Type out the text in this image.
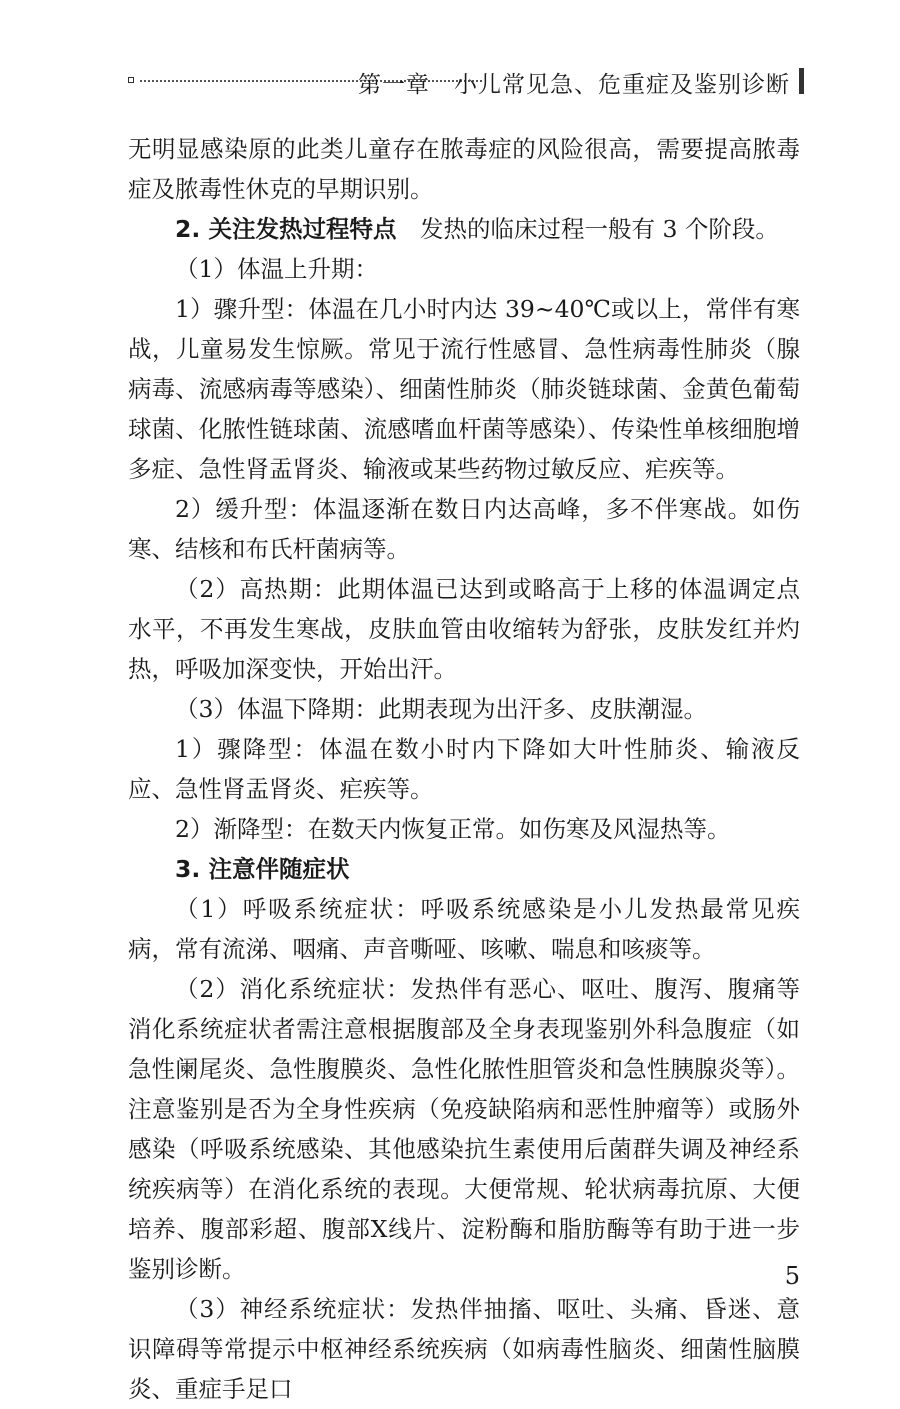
第一章　小儿常见急、危重症及鉴别诊断

无明显感染原的此类儿童存在脓毒症的风险很高，需要提高脓毒症及脓毒性休克的早期识别。

2. 关注发热过程特点　发热的临床过程一般有 3 个阶段。

（1）体温上升期：

1）骤升型：体温在几小时内达 39~40℃或以上，常伴有寒战，儿童易发生惊厥。常见于流行性感冒、急性病毒性肺炎（腺病毒、流感病毒等感染）、细菌性肺炎（肺炎链球菌、金黄色葡萄球菌、化脓性链球菌、流感嗜血杆菌等感染）、传染性单核细胞增多症、急性肾盂肾炎、输液或某些药物过敏反应、疟疾等。

2）缓升型：体温逐渐在数日内达高峰，多不伴寒战。如伤寒、结核和布氏杆菌病等。

（2）高热期：此期体温已达到或略高于上移的体温调定点水平，不再发生寒战，皮肤血管由收缩转为舒张，皮肤发红并灼热，呼吸加深变快，开始出汗。

（3）体温下降期：此期表现为出汗多、皮肤潮湿。

1）骤降型：体温在数小时内下降如大叶性肺炎、输液反应、急性肾盂肾炎、疟疾等。

2）渐降型：在数天内恢复正常。如伤寒及风湿热等。

3. 注意伴随症状

（1）呼吸系统症状：呼吸系统感染是小儿发热最常见疾病，常有流涕、咽痛、声音嘶哑、咳嗽、喘息和咳痰等。

（2）消化系统症状：发热伴有恶心、呕吐、腹泻、腹痛等消化系统症状者需注意根据腹部及全身表现鉴别外科急腹症（如急性阑尾炎、急性腹膜炎、急性化脓性胆管炎和急性胰腺炎等）。注意鉴别是否为全身性疾病（免疫缺陷病和恶性肿瘤等）或肠外感染（呼吸系统感染、其他感染抗生素使用后菌群失调及神经系统疾病等）在消化系统的表现。大便常规、轮状病毒抗原、大便培养、腹部彩超、腹部X线片、淀粉酶和脂肪酶等有助于进一步鉴别诊断。

（3）神经系统症状：发热伴抽搐、呕吐、头痛、昏迷、意识障碍等常提示中枢神经系统疾病（如病毒性脑炎、细菌性脑膜炎、重症手足口

5
